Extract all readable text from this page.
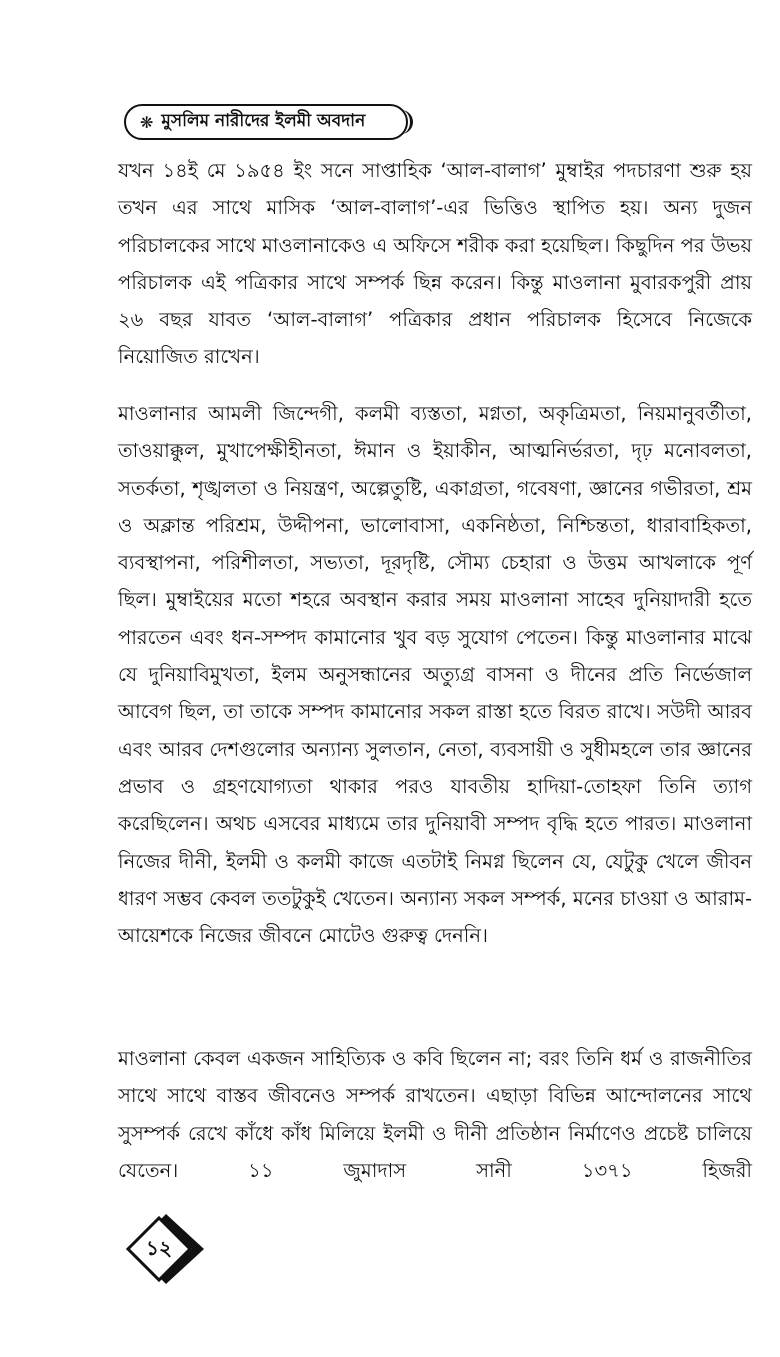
❋ মুসলিম নারীদের ইলমী অবদান

যখন ১৪ই মে ১৯৫৪ ইং সনে সাপ্তাহিক ‘আল-বালাগ’ মুম্বাইর পদচারণা শুরু হয় তখন এর সাথে মাসিক ‘আল-বালাগ’-এর ভিত্তিও স্থাপিত হয়। অন্য দুজন পরিচালকের সাথে মাওলানাকেও এ অফিসে শরীক করা হয়েছিল। কিছুদিন পর উভয় পরিচালক এই পত্রিকার সাথে সম্পর্ক ছিন্ন করেন। কিন্তু মাওলানা মুবারকপুরী প্রায় ২৬ বছর যাবত ‘আল-বালাগ’ পত্রিকার প্রধান পরিচালক হিসেবে নিজেকে নিয়োজিত রাখেন।

মাওলানার আমলী জিন্দেগী, কলমী ব্যস্ততা, মগ্নতা, অকৃত্রিমতা, নিয়মানুবর্তীতা, তাওয়াক্কুল, মুখাপেক্ষীহীনতা, ঈমান ও ইয়াকীন, আত্মনির্ভরতা, দৃঢ় মনোবলতা, সতর্কতা, শৃঙ্খলতা ও নিয়ন্ত্রণ, অল্পেতুষ্টি, একাগ্রতা, গবেষণা, জ্ঞানের গভীরতা, শ্রম ও অক্লান্ত পরিশ্রম, উদ্দীপনা, ভালোবাসা, একনিষ্ঠতা, নিশ্চিন্ততা, ধারাবাহিকতা, ব্যবস্থাপনা, পরিশীলতা, সভ্যতা, দূরদৃষ্টি, সৌম্য চেহারা ও উত্তম আখলাকে পূর্ণ ছিল। মুম্বাইয়ের মতো শহরে অবস্থান করার সময় মাওলানা সাহেব দুনিয়াদারী হতে পারতেন এবং ধন-সম্পদ কামানোর খুব বড় সুযোগ পেতেন। কিন্তু মাওলানার মাঝে যে দুনিয়াবিমুখতা, ইলম অনুসন্ধানের অত্যুগ্র বাসনা ও দীনের প্রতি নির্ভেজাল আবেগ ছিল, তা তাকে সম্পদ কামানোর সকল রাস্তা হতে বিরত রাখে। সউদী আরব এবং আরব দেশগুলোর অন্যান্য সুলতান, নেতা, ব্যবসায়ী ও সুধীমহলে তার জ্ঞানের প্রভাব ও গ্রহণযোগ্যতা থাকার পরও যাবতীয় হাদিয়া-তোহফা তিনি ত্যাগ করেছিলেন। অথচ এসবের মাধ্যমে তার দুনিয়াবী সম্পদ বৃদ্ধি হতে পারত। মাওলানা নিজের দীনী, ইলমী ও কলমী কাজে এতটাই নিমগ্ন ছিলেন যে, যেটুকু খেলে জীবন ধারণ সম্ভব কেবল ততটুকুই খেতেন। অন্যান্য সকল সম্পর্ক, মনের চাওয়া ও আরাম-আয়েশকে নিজের জীবনে মোটেও গুরুত্ব দেননি।

মাওলানা কেবল একজন সাহিত্যিক ও কবি ছিলেন না; বরং তিনি ধর্ম ও রাজনীতির সাথে সাথে বাস্তব জীবনেও সম্পর্ক রাখতেন। এছাড়া বিভিন্ন আন্দোলনের সাথে সুসম্পর্ক রেখে কাঁধে কাঁধ মিলিয়ে ইলমী ও দীনী প্রতিষ্ঠান নির্মাণেও প্রচেষ্ট চালিয়ে যেতেন। ১১ জুমাদাস সানী ১৩৭১ হিজরী

১২
